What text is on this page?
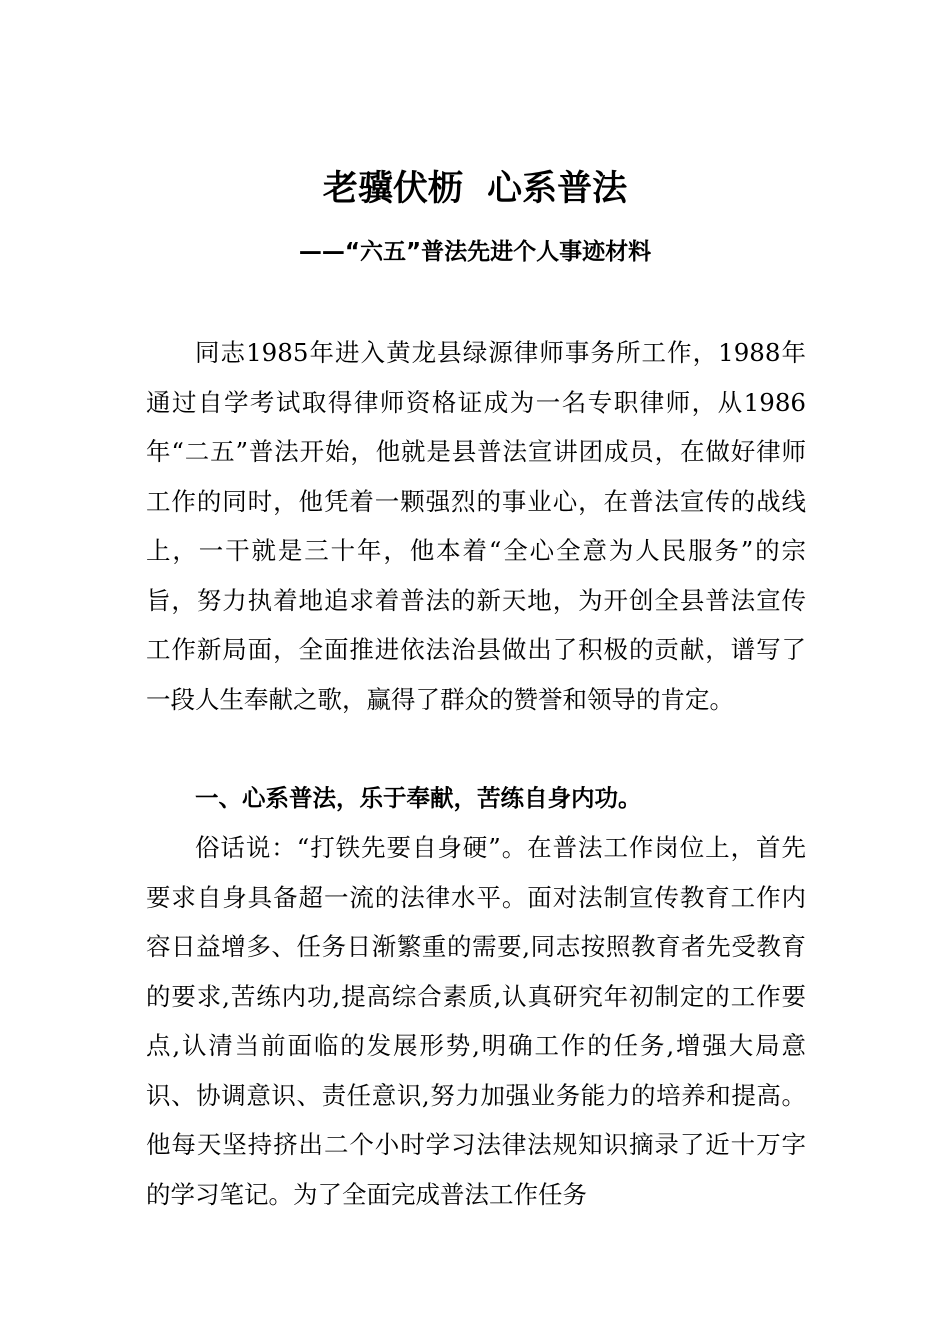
老骥伏枥  心系普法
——“六五”普法先进个人事迹材料

同志1985年进入黄龙县绿源律师事务所工作，1988年通过自学考试取得律师资格证成为一名专职律师，从1986年“二五”普法开始，他就是县普法宣讲团成员，在做好律师工作的同时，他凭着一颗强烈的事业心，在普法宣传的战线上，一干就是三十年，他本着“全心全意为人民服务”的宗旨，努力执着地追求着普法的新天地，为开创全县普法宣传工作新局面，全面推进依法治县做出了积极的贡献，谱写了一段人生奉献之歌，赢得了群众的赞誉和领导的肯定。

一、心系普法，乐于奉献，苦练自身内功。

俗话说：“打铁先要自身硬”。在普法工作岗位上，首先要求自身具备超一流的法律水平。面对法制宣传教育工作内容日益增多、任务日渐繁重的需要,同志按照教育者先受教育的要求,苦练内功,提高综合素质,认真研究年初制定的工作要点,认清当前面临的发展形势,明确工作的任务,增强大局意识、协调意识、责任意识,努力加强业务能力的培养和提高。他每天坚持挤出二个小时学习法律法规知识摘录了近十万字的学习笔记。为了全面完成普法工作任务
